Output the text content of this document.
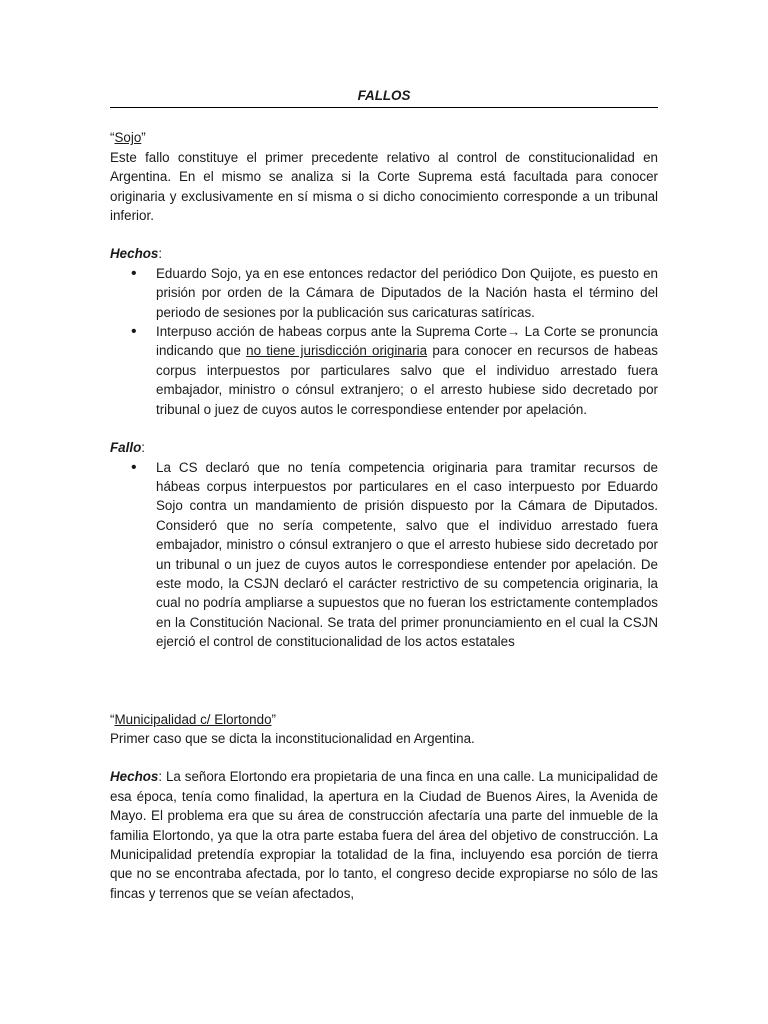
FALLOS

“Sojo”

Este fallo constituye el primer precedente relativo al control de constitucionalidad en Argentina. En el mismo se analiza si la Corte Suprema está facultada para conocer originaria y exclusivamente en sí misma o si dicho conocimiento corresponde a un tribunal inferior.

Hechos:

• Eduardo Sojo, ya en ese entonces redactor del periódico Don Quijote, es puesto en prisión por orden de la Cámara de Diputados de la Nación hasta el término del periodo de sesiones por la publicación sus caricaturas satíricas.
• Interpuso acción de habeas corpus ante la Suprema Corte→ La Corte se pronuncia indicando que no tiene jurisdicción originaria para conocer en recursos de habeas corpus interpuestos por particulares salvo que el individuo arrestado fuera embajador, ministro o cónsul extranjero; o el arresto hubiese sido decretado por tribunal o juez de cuyos autos le correspondiese entender por apelación.

Fallo:

• La CS declaró que no tenía competencia originaria para tramitar recursos de hábeas corpus interpuestos por particulares en el caso interpuesto por Eduardo Sojo contra un mandamiento de prisión dispuesto por la Cámara de Diputados. Consideró que no sería competente, salvo que el individuo arrestado fuera embajador, ministro o cónsul extranjero o que el arresto hubiese sido decretado por un tribunal o un juez de cuyos autos le correspondiese entender por apelación. De este modo, la CSJN declaró el carácter restrictivo de su competencia originaria, la cual no podría ampliarse a supuestos que no fueran los estrictamente contemplados en la Constitución Nacional. Se trata del primer pronunciamiento en el cual la CSJN ejerció el control de constitucionalidad de los actos estatales

“Municipalidad c/ Elortondo”

Primer caso que se dicta la inconstitucionalidad en Argentina.

Hechos: La señora Elortondo era propietaria de una finca en una calle. La municipalidad de esa época, tenía como finalidad, la apertura en la Ciudad de Buenos Aires, la Avenida de Mayo. El problema era que su área de construcción afectaría una parte del inmueble de la familia Elortondo, ya que la otra parte estaba fuera del área del objetivo de construcción. La Municipalidad pretendía expropiar la totalidad de la fina, incluyendo esa porción de tierra que no se encontraba afectada, por lo tanto, el congreso decide expropiarse no sólo de las fincas y terrenos que se veían afectados,
